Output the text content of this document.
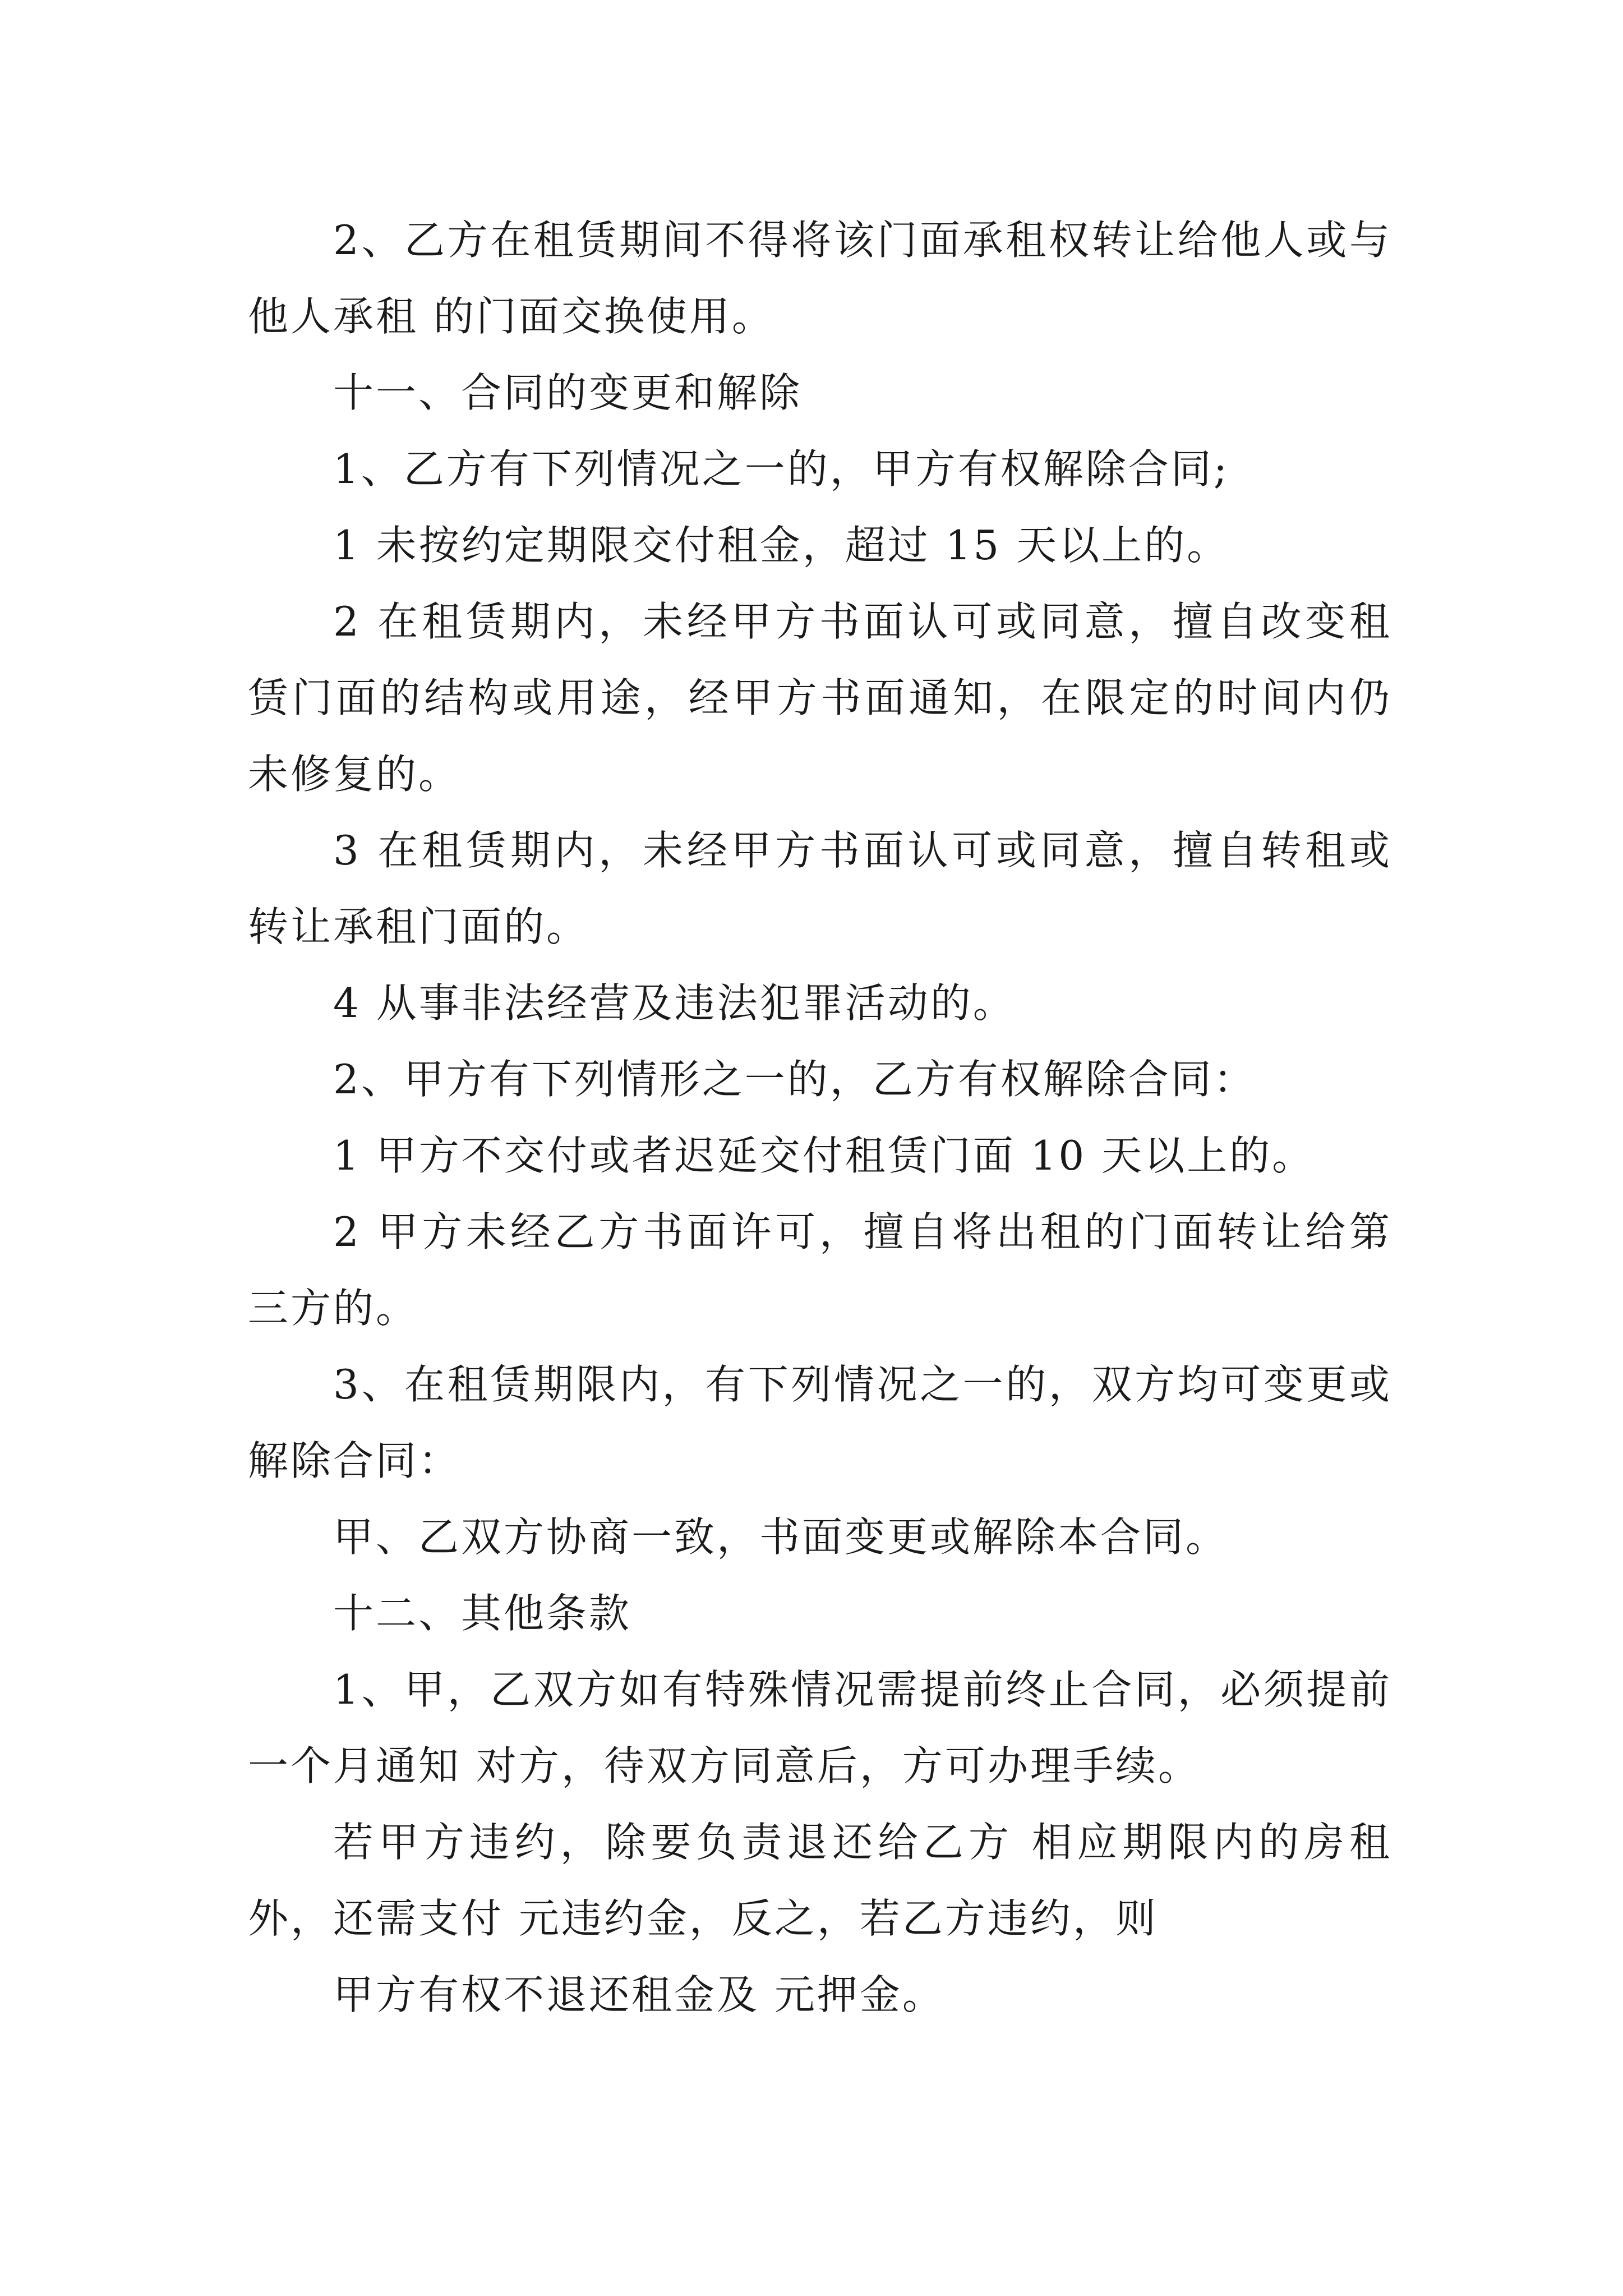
2、乙方在租赁期间不得将该门面承租权转让给他人或与他人承租 的门面交换使用。

十一、合同的变更和解除

1、乙方有下列情况之一的，甲方有权解除合同;

1 未按约定期限交付租金，超过 15 天以上的。

2 在租赁期内，未经甲方书面认可或同意，擅自改变租赁门面的结构或用途，经甲方书面通知，在限定的时间内仍未修复的。

3 在租赁期内，未经甲方书面认可或同意，擅自转租或转让承租门面的。

4 从事非法经营及违法犯罪活动的。

2、甲方有下列情形之一的，乙方有权解除合同：

1 甲方不交付或者迟延交付租赁门面 10 天以上的。

2 甲方未经乙方书面许可，擅自将出租的门面转让给第三方的。

3、在租赁期限内，有下列情况之一的，双方均可变更或解除合同：

甲、乙双方协商一致，书面变更或解除本合同。

十二、其他条款

1、甲，乙双方如有特殊情况需提前终止合同，必须提前一个月通知 对方，待双方同意后，方可办理手续。

若甲方违约，除要负责退还给乙方 相应期限内的房租外，还需支付 元违约金，反之，若乙方违约，则

甲方有权不退还租金及 元押金。
